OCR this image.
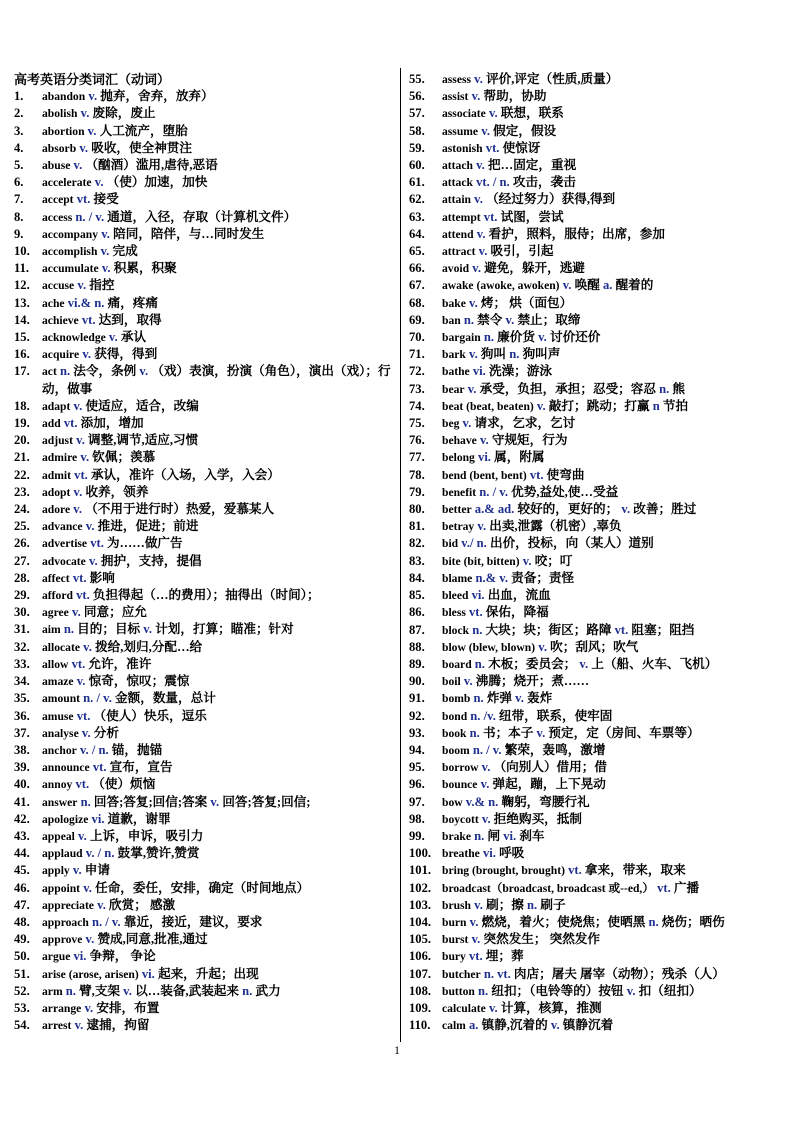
高考英语分类词汇（动词）
1.	abandon v. 抛弃，舍弃，放弃）
2.	abolish v. 废除，废止
3.	abortion v. 人工流产，堕胎
4.	absorb v. 吸收，使全神贯注
5.	abuse v. （酗酒）滥用,虐待,恶语
6.	accelerate v. （使）加速，加快
7.	accept vt. 接受
8.	access n. / v. 通道，入径，存取（计算机文件）
9.	accompany v. 陪同，陪伴，与…同时发生
10.	accomplish v. 完成
11.	accumulate v. 积累，积聚
12.	accuse v. 指控
13.	ache vi.& n. 痛，疼痛
14.	achieve vt. 达到，取得
15.	acknowledge v. 承认
16.	acquire v. 获得，得到
17.	act n. 法令，条例 v. （戏）表演，扮演（角色），演出（戏）；行动，做事
18.	adapt v. 使适应，适合，改编
19.	add vt. 添加，增加
20.	adjust v. 调整,调节,适应,习惯
21.	admire v. 钦佩；羡慕
22.	admit vt. 承认，准许（入场，入学，入会）
23.	adopt v. 收养，领养
24.	adore v. （不用于进行时）热爱，爱慕某人
25.	advance v. 推进，促进；前进
26.	advertise vt. 为……做广告
27.	advocate v. 拥护，支持，提倡
28.	affect vt. 影响
29.	afford vt. 负担得起（…的费用）；抽得出（时间）；
30.	agree v. 同意；应允
31.	aim n. 目的；目标 v. 计划，打算；瞄准；针对
32.	allocate v. 拨给,划归,分配…给
33.	allow vt. 允许，准许
34.	amaze v. 惊奇，惊叹；震惊
35.	amount n. / v. 金额，数量，总计
36.	amuse vt. （使人）快乐，逗乐
37.	analyse v. 分析
38.	anchor v. / n. 锚，抛锚
39.	announce vt. 宣布，宣告
40.	annoy vt. （使）烦恼
41.	answer n. 回答;答复;回信;答案 v. 回答;答复;回信;
42.	apologize vi. 道歉，谢罪
43.	appeal v. 上诉，申诉，吸引力
44.	applaud v. / n. 鼓掌,赞许,赞赏
45.	apply v. 申请
46.	appoint v. 任命，委任，安排，确定（时间地点）
47.	appreciate v. 欣赏； 感激
48.	approach n. / v. 靠近，接近，建议，要求
49.	approve v. 赞成,同意,批准,通过
50.	argue vi. 争辩， 争论
51.	arise (arose, arisen) vi. 起来，升起；出现
52.	arm n. 臂,支架 v. 以…装备,武装起来 n. 武力
53.	arrange v. 安排，布置
54.	arrest v. 逮捕，拘留
55.	assess v. 评价,评定（性质,质量）
56.	assist v. 帮助，协助
57.	associate v. 联想，联系
58.	assume v. 假定，假设
59.	astonish vt. 使惊讶
60.	attach v. 把…固定，重视
61.	attack vt. / n. 攻击，袭击
62.	attain v. （经过努力）获得,得到
63.	attempt vt. 试图，尝试
64.	attend v. 看护，照料，服侍；出席，参加
65.	attract v. 吸引，引起
66.	avoid v. 避免，躲开，逃避
67.	awake (awoke, awoken) v. 唤醒 a. 醒着的
68.	bake v. 烤； 烘（面包）
69.	ban n. 禁令 v. 禁止；取缔
70.	bargain n. 廉价货 v. 讨价还价
71.	bark v. 狗叫 n. 狗叫声
72.	bathe vi. 洗澡；游泳
73.	bear v. 承受，负担，承担；忍受；容忍 n. 熊
74.	beat (beat, beaten) v. 敲打；跳动；打赢 n 节拍
75.	beg v. 请求，乞求，乞讨
76.	behave v. 守规矩，行为
77.	belong vi. 属，附属
78.	bend (bent, bent) vt. 使弯曲
79.	benefit n. / v. 优势,益处,使…受益
80.	better a.& ad. 较好的，更好的； v. 改善；胜过
81.	betray v. 出卖,泄露（机密）,辜负
82.	bid v./ n. 出价，投标，向（某人）道别
83.	bite (bit, bitten) v. 咬；叮
84.	blame n.& v. 责备；责怪
85.	bleed vi. 出血，流血
86.	bless vt. 保佑，降福
87.	block n. 大块；块；街区；路障 vt. 阻塞；阻挡
88.	blow (blew, blown) v. 吹；刮风；吹气
89.	board n. 木板；委员会； v. 上（船、火车、飞机）
90.	boil v. 沸腾；烧开；煮……
91.	bomb n. 炸弹 v. 轰炸
92.	bond n. /v. 纽带，联系，使牢固
93.	book n. 书；本子 v. 预定，定（房间、车票等）
94.	boom n. / v. 繁荣，轰鸣，激增
95.	borrow v. （向别人）借用；借
96.	bounce v. 弹起，蹦，上下晃动
97.	bow v.& n. 鞠躬，弯腰行礼
98.	boycott v. 拒绝购买，抵制
99.	brake n. 闸 vi. 刹车
100. breathe vi. 呼吸
101. bring (brought, brought) vt. 拿来，带来，取来
102. broadcast（broadcast, broadcast 或--ed,） vt. 广播
103. brush v. 刷；擦 n. 刷子
104. burn v. 燃烧，着火；使烧焦；使晒黑 n. 烧伤；晒伤
105. burst v. 突然发生； 突然发作
106. bury vt. 埋；葬
107. butcher n. vt. 肉店；屠夫 屠宰（动物）；残杀（人）
108. button n. 纽扣；（电铃等的）按钮 v. 扣（纽扣）
109. calculate v. 计算，核算，推测
110.	calm a. 镇静,沉着的 v. 镇静沉着
1
